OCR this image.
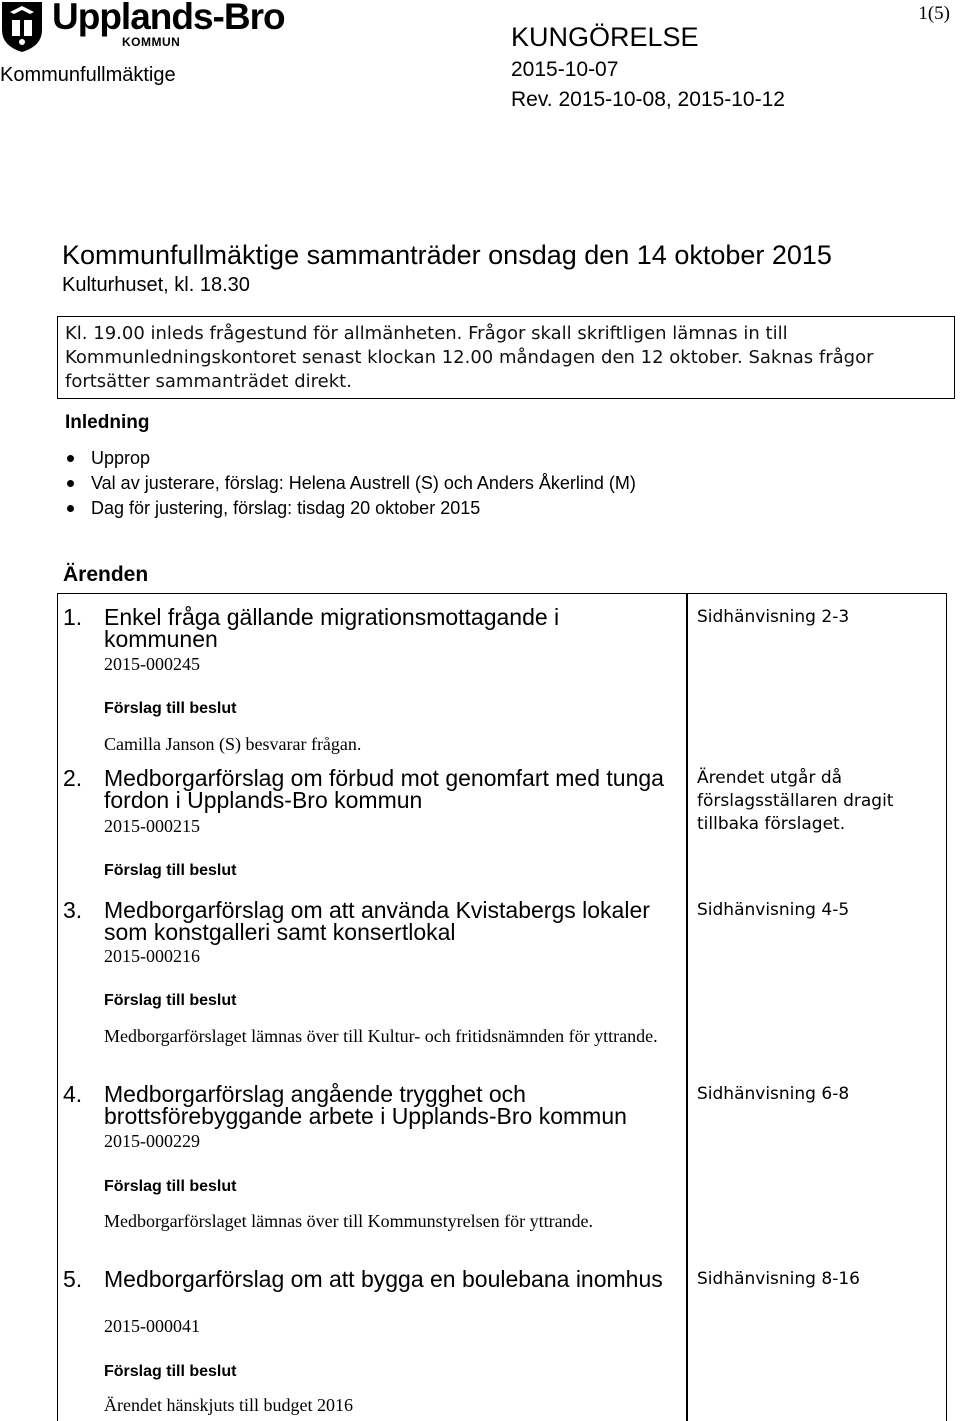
Upplands-Bro
KOMMUN
1(5)
Kommunfullmäktige
KUNGÖRELSE
2015-10-07
Rev. 2015-10-08, 2015-10-12
Kommunfullmäktige sammanträder onsdag den 14 oktober 2015
Kulturhuset, kl. 18.30
Kl. 19.00 inleds frågestund för allmänheten. Frågor skall skriftligen lämnas in till Kommunledningskontoret senast klockan 12.00 måndagen den 12 oktober. Saknas frågor fortsätter sammanträdet direkt.
Inledning
Upprop
Val av justerare, förslag: Helena Austrell (S) och Anders Åkerlind (M)
Dag för justering, förslag: tisdag 20 oktober 2015
Ärenden
1. Enkel fråga gällande migrationsmottagande i kommunen
2015-000245
Förslag till beslut
Camilla Janson (S) besvarar frågan.
Sidhänvisning 2-3
2. Medborgarförslag om förbud mot genomfart med tunga fordon i Upplands-Bro kommun
2015-000215
Förslag till beslut
Ärendet utgår då förslagsställaren dragit tillbaka förslaget.
3. Medborgarförslag om att använda Kvistabergs lokaler som konstgalleri samt konsertlokal
2015-000216
Förslag till beslut
Medborgarförslaget lämnas över till Kultur- och fritidsnämnden för yttrande.
Sidhänvisning 4-5
4. Medborgarförslag angående trygghet och brottsförebyggande arbete i Upplands-Bro kommun
2015-000229
Förslag till beslut
Medborgarförslaget lämnas över till Kommunstyrelsen för yttrande.
Sidhänvisning 6-8
5. Medborgarförslag om att bygga en boulebana inomhus
2015-000041
Förslag till beslut
Ärendet hänskjuts till budget 2016
Sidhänvisning 8-16
